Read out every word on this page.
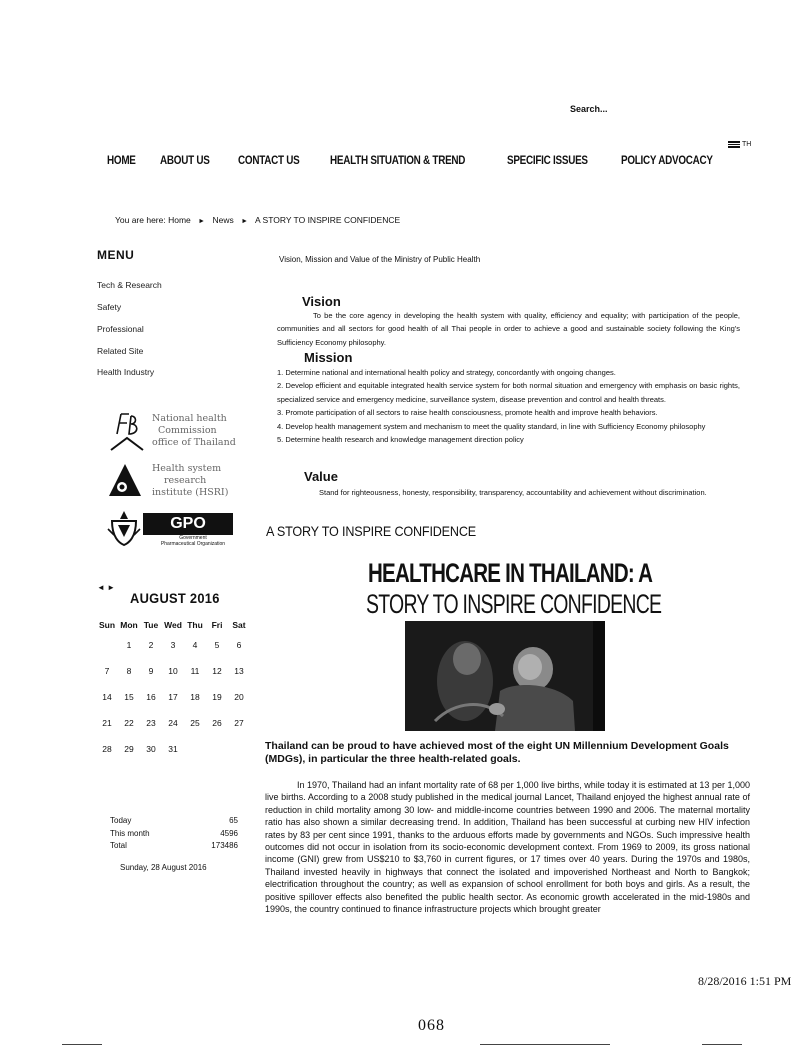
Search...
TH
HOME ABOUT US CONTACT US	HEALTH SITUATION & TREND	SPECIFIC ISSUES	POLICY ADVOCACY
You are here: Home ► News ► A STORY TO INSPIRE CONFIDENCE
MENU
Tech & Research
Safety
Professional
Related Site
Health Industry
National health
Commission
office of Thailand
Health system
research
institute (HSRI)
GPO
Government
Pharmaceutical Organization
◄ ►
AUGUST 2016
Sun	Mon	Tue	Wed	Thu	Fri	Sat
	1	2	3	4	5	6
7	8	9	10	11	12	13
14	15	16	17	18	19	20
21	22	23	24	25	26	27
28	29	30	31			
Today	65
This month	4596
Total	173486
Sunday, 28 August 2016
Vision, Mission and Value of the Ministry of Public Health
Vision
To be the core agency in developing the health system with quality, efficiency and equality; with participation of the people, communities and all sectors for good health of all Thai people in order to achieve a good and sustainable society following the King's Sufficiency Economy philosophy.
Mission
1. Determine national and international health policy and strategy, concordantly with ongoing changes.
2. Develop efficient and equitable integrated health service system for both normal situation and emergency with emphasis on basic rights, specialized service and emergency medicine, surveillance system, disease prevention and control and health threats.
3. Promote participation of all sectors to raise health consciousness, promote health and improve health behaviors.
4. Develop health management system and mechanism to meet the quality standard, in line with Sufficiency Economy philosophy
5. Determine health research and knowledge management direction policy
Value
Stand for righteousness, honesty, responsibility, transparency, accountability and achievement without discrimination.
A STORY TO INSPIRE CONFIDENCE
HEALTHCARE IN THAILAND: A
STORY TO INSPIRE CONFIDENCE
Thailand can be proud to have achieved most of the eight UN Millennium Development Goals (MDGs), in particular the three health-related goals.
In 1970, Thailand had an infant mortality rate of 68 per 1,000 live births, while today it is estimated at 13 per 1,000 live births. According to a 2008 study published in the medical journal Lancet, Thailand enjoyed the highest annual rate of reduction in child mortality among 30 low- and middle-income countries between 1990 and 2006. The maternal mortality ratio has also shown a similar decreasing trend. In addition, Thailand has been successful at curbing new HIV infection rates by 83 per cent since 1991, thanks to the arduous efforts made by governments and NGOs. Such impressive health outcomes did not occur in isolation from its socio-economic development context. From 1969 to 2009, its gross national income (GNI) grew from US$210 to $3,760 in current figures, or 17 times over 40 years. During the 1970s and 1980s, Thailand invested heavily in highways that connect the isolated and impoverished Northeast and North to Bangkok; electrification throughout the country; as well as expansion of school enrollment for both boys and girls. As a result, the positive spillover effects also benefited the public health sector. As economic growth accelerated in the mid-1980s and 1990s, the country continued to finance infrastructure projects which brought greater
8/28/2016 1:51 PM
068
